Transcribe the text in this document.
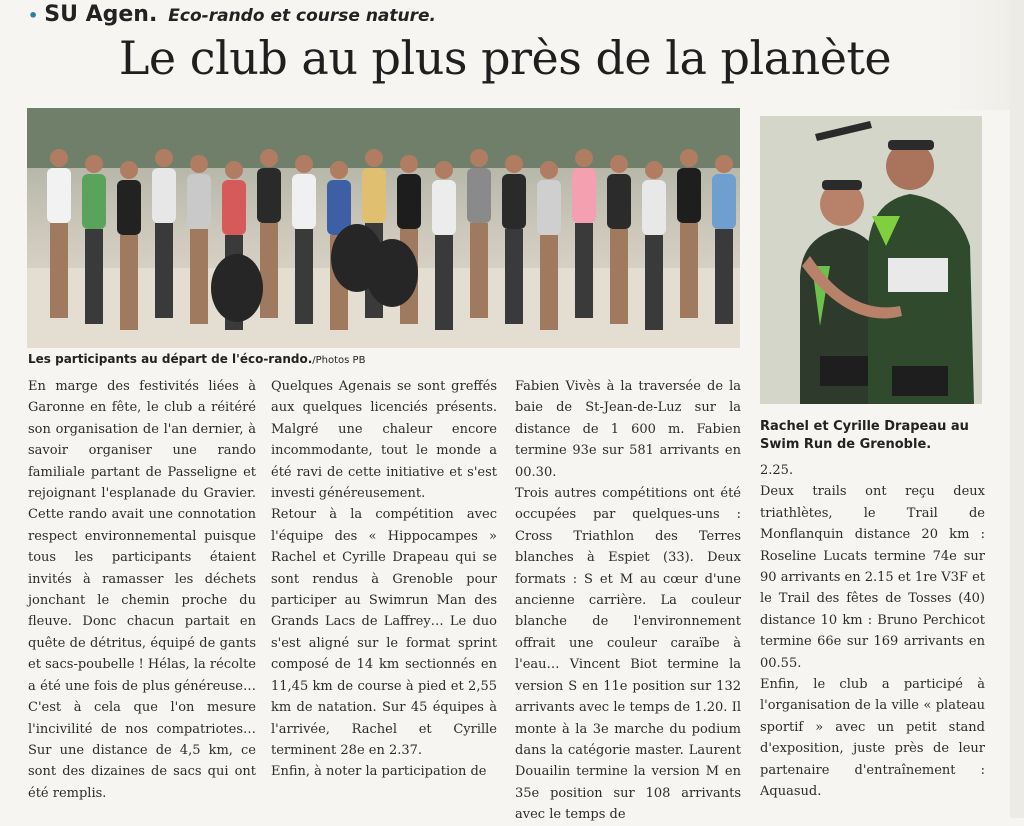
• SU Agen. Eco-rando et course nature.
Le club au plus près de la planète
Les participants au départ de l'éco-rando./Photos PB
Rachel et Cyrille Drapeau au Swim Run de Grenoble.

En marge des festivités liées à Garonne en fête, le club a réitéré son organisation de l'an dernier, à savoir organiser une rando familiale partant de Passeligne et rejoignant l'esplanade du Gravier. Cette rando avait une connotation respect environnemental puisque tous les participants étaient invités à ramasser les déchets jonchant le chemin proche du fleuve. Donc chacun partait en quête de détritus, équipé de gants et sacs-poubelle ! Hélas, la récolte a été une fois de plus généreuse… C'est à cela que l'on mesure l'incivilité de nos compatriotes… Sur une distance de 4,5 km, ce sont des dizaines de sacs qui ont été remplis.

Quelques Agenais se sont greffés aux quelques licenciés présents. Malgré une chaleur encore incommodante, tout le monde a été ravi de cette initiative et s'est investi généreusement.

Retour à la compétition avec l'équipe des « Hippocampes » Rachel et Cyrille Drapeau qui se sont rendus à Grenoble pour participer au Swimrun Man des Grands Lacs de Laffrey… Le duo s'est aligné sur le format sprint composé de 14 km sectionnés en 11,45 km de course à pied et 2,55 km de natation. Sur 45 équipes à l'arrivée, Rachel et Cyrille terminent 28e en 2.37.

Enfin, à noter la participation de

Fabien Vivès à la traversée de la baie de St-Jean-de-Luz sur la distance de 1 600 m. Fabien termine 93e sur 581 arrivants en 00.30.

Trois autres compétitions ont été occupées par quelques-uns : Cross Triathlon des Terres blanches à Espiet (33). Deux formats : S et M au cœur d'une ancienne carrière. La couleur blanche de l'environnement offrait une couleur caraïbe à l'eau… Vincent Biot termine la version S en 11e position sur 132 arrivants avec le temps de 1.20. Il monte à la 3e marche du podium dans la catégorie master. Laurent Douailin termine la version M en 35e position sur 108 arrivants avec le temps de

2.25.

Deux trails ont reçu deux triathlètes, le Trail de Monflanquin distance 20 km : Roseline Lucats termine 74e sur 90 arrivants en 2.15 et 1re V3F et le Trail des fêtes de Tosses (40) distance 10 km : Bruno Perchicot termine 66e sur 169 arrivants en 00.55.

Enfin, le club a participé à l'organisation de la ville « plateau sportif » avec un petit stand d'exposition, juste près de leur partenaire d'entraînement : Aquasud.
